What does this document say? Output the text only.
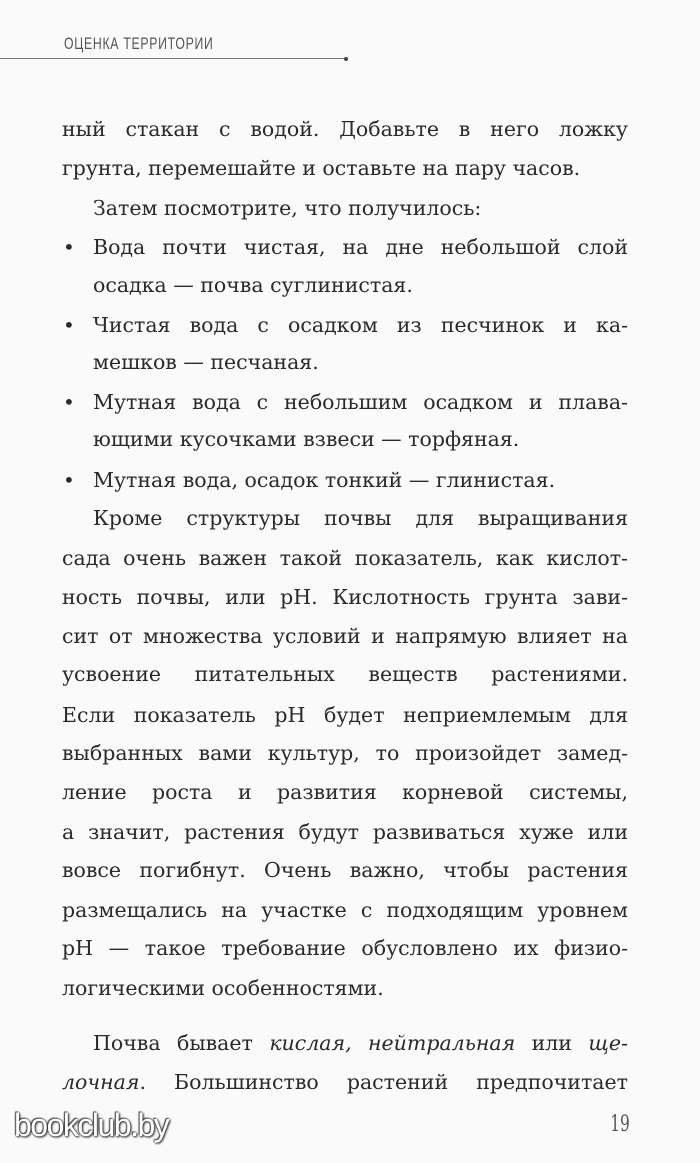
ОЦЕНКА ТЕРРИТОРИИ
ный стакан с водой. Добавьте в него ложку
грунта, перемешайте и оставьте на пару часов.
Затем посмотрите, что получилось:
• Вода почти чистая, на дне небольшой слой
осадка — почва суглинистая.
• Чистая вода с осадком из песчинок и ка-
мешков — песчаная.
• Мутная вода с небольшим осадком и плава-
ющими кусочками взвеси — торфяная.
• Мутная вода, осадок тонкий — глинистая.
Кроме структуры почвы для выращивания
сада очень важен такой показатель, как кислот-
ность почвы, или pH. Кислотность грунта зави-
сит от множества условий и напрямую влияет на
усвоение питательных веществ растениями.
Если показатель pH будет неприемлемым для
выбранных вами культур, то произойдет замед-
ление роста и развития корневой системы,
а значит, растения будут развиваться хуже или
вовсе погибнут. Очень важно, чтобы растения
размещались на участке с подходящим уровнем
pH — такое требование обусловлено их физио-
логическими особенностями.
Почва бывает кислая, нейтральная или ще-
лочная. Большинство растений предпочитает
bookclub.by	19
